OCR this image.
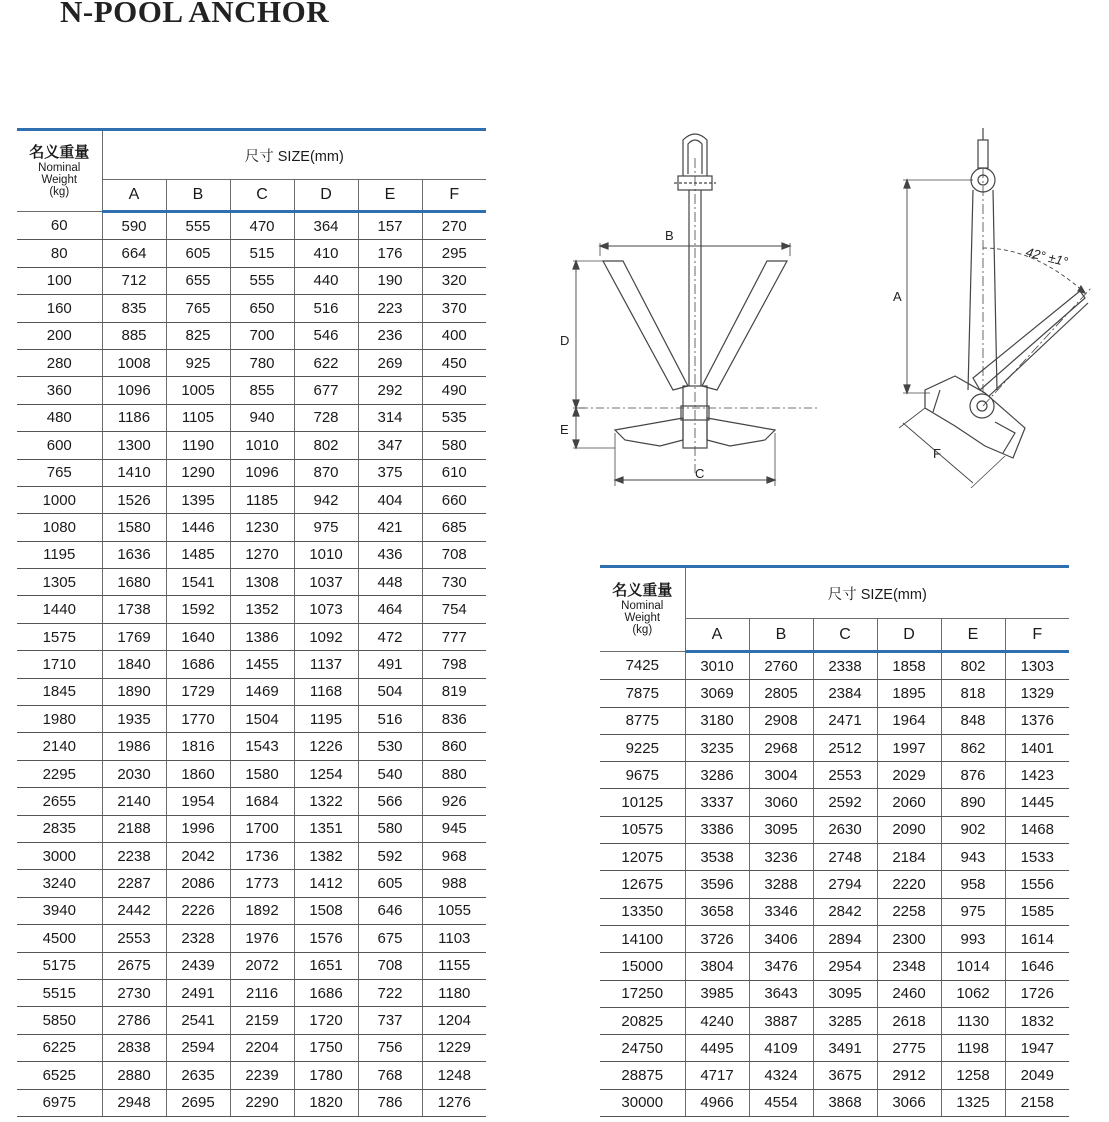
N-POOL ANCHOR
名义重量
Nominal
Weight
(kg)	尺寸 SIZE(mm)					
	A	B	C	D	E	F
60	590	555	470	364	157	270
80	664	605	515	410	176	295
100	712	655	555	440	190	320
160	835	765	650	516	223	370
200	885	825	700	546	236	400
280	1008	925	780	622	269	450
360	1096	1005	855	677	292	490
480	1186	1105	940	728	314	535
600	1300	1190	1010	802	347	580
765	1410	1290	1096	870	375	610
1000	1526	1395	1185	942	404	660
1080	1580	1446	1230	975	421	685
1195	1636	1485	1270	1010	436	708
1305	1680	1541	1308	1037	448	730
1440	1738	1592	1352	1073	464	754
1575	1769	1640	1386	1092	472	777
1710	1840	1686	1455	1137	491	798
1845	1890	1729	1469	1168	504	819
1980	1935	1770	1504	1195	516	836
2140	1986	1816	1543	1226	530	860
2295	2030	1860	1580	1254	540	880
2655	2140	1954	1684	1322	566	926
2835	2188	1996	1700	1351	580	945
3000	2238	2042	1736	1382	592	968
3240	2287	2086	1773	1412	605	988
3940	2442	2226	1892	1508	646	1055
4500	2553	2328	1976	1576	675	1103
5175	2675	2439	2072	1651	708	1155
5515	2730	2491	2116	1686	722	1180
5850	2786	2541	2159	1720	737	1204
6225	2838	2594	2204	1750	756	1229
6525	2880	2635	2239	1780	768	1248
6975	2948	2695	2290	1820	786	1276
名义重量
Nominal
Weight
(kg)	尺寸 SIZE(mm)					
	A	B	C	D	E	F
7425	3010	2760	2338	1858	802	1303
7875	3069	2805	2384	1895	818	1329
8775	3180	2908	2471	1964	848	1376
9225	3235	2968	2512	1997	862	1401
9675	3286	3004	2553	2029	876	1423
10125	3337	3060	2592	2060	890	1445
10575	3386	3095	2630	2090	902	1468
12075	3538	3236	2748	2184	943	1533
12675	3596	3288	2794	2220	958	1556
13350	3658	3346	2842	2258	975	1585
14100	3726	3406	2894	2300	993	1614
15000	3804	3476	2954	2348	1014	1646
17250	3985	3643	3095	2460	1062	1726
20825	4240	3887	3285	2618	1130	1832
24750	4495	4109	3491	2775	1198	1947
28875	4717	4324	3675	2912	1258	2049
30000	4966	4554	3868	3066	1325	2158
B
C
D
E
A
F
42° ±1°
